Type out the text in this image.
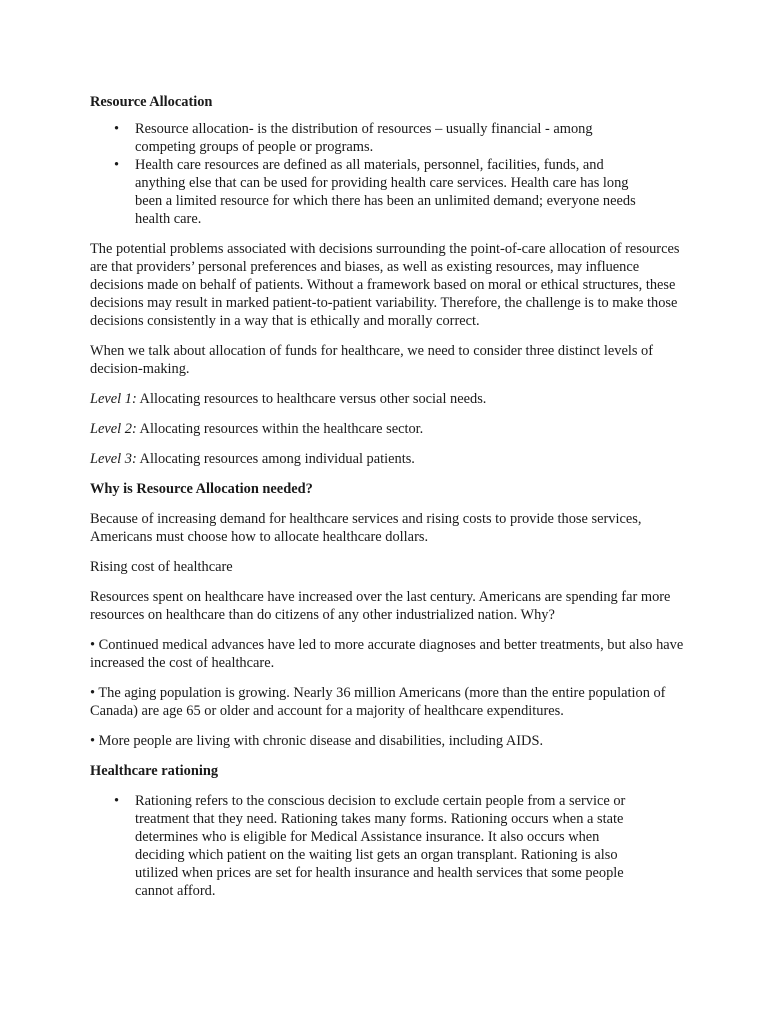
Resource Allocation

• Resource allocation- is the distribution of resources – usually financial - among competing groups of people or programs.
• Health care resources are defined as all materials, personnel, facilities, funds, and anything else that can be used for providing health care services. Health care has long been a limited resource for which there has been an unlimited demand; everyone needs health care.

The potential problems associated with decisions surrounding the point-of-care allocation of resources are that providers’ personal preferences and biases, as well as existing resources, may influence decisions made on behalf of patients. Without a framework based on moral or ethical structures, these decisions may result in marked patient-to-patient variability. Therefore, the challenge is to make those decisions consistently in a way that is ethically and morally correct.

When we talk about allocation of funds for healthcare, we need to consider three distinct levels of decision-making.

Level 1: Allocating resources to healthcare versus other social needs.

Level 2: Allocating resources within the healthcare sector.

Level 3: Allocating resources among individual patients.

Why is Resource Allocation needed?

Because of increasing demand for healthcare services and rising costs to provide those services, Americans must choose how to allocate healthcare dollars.

Rising cost of healthcare

Resources spent on healthcare have increased over the last century. Americans are spending far more resources on healthcare than do citizens of any other industrialized nation. Why?

• Continued medical advances have led to more accurate diagnoses and better treatments, but also have increased the cost of healthcare.

• The aging population is growing. Nearly 36 million Americans (more than the entire population of Canada) are age 65 or older and account for a majority of healthcare expenditures.

• More people are living with chronic disease and disabilities, including AIDS.

Healthcare rationing

• Rationing refers to the conscious decision to exclude certain people from a service or treatment that they need. Rationing takes many forms. Rationing occurs when a state determines who is eligible for Medical Assistance insurance. It also occurs when deciding which patient on the waiting list gets an organ transplant. Rationing is also utilized when prices are set for health insurance and health services that some people cannot afford.
